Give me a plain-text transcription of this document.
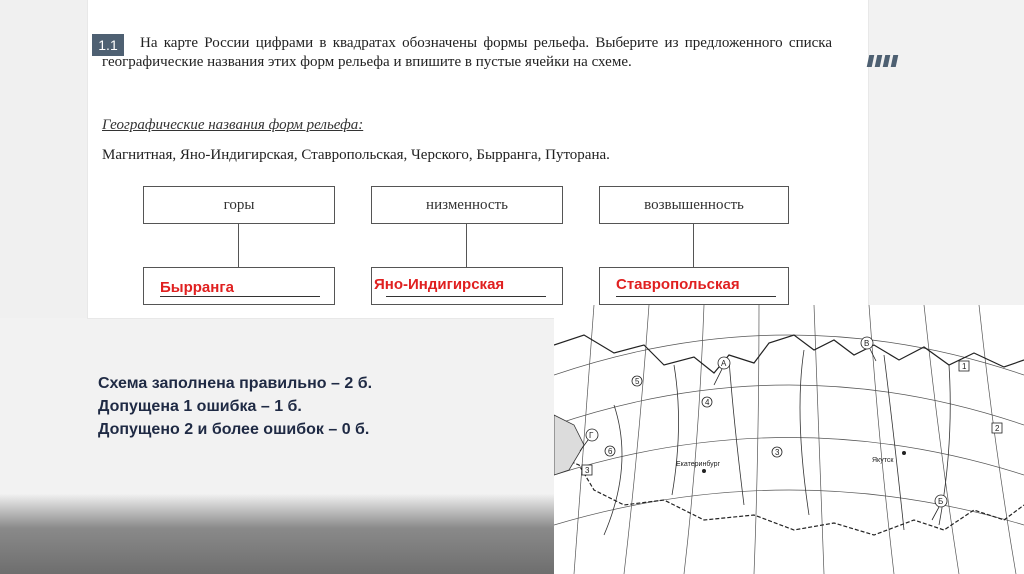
1.1	На карте России цифрами в квадратах обозначены формы рельефа. Выберите из предложенного списка географические названия этих форм рельефа и впишите в пустые ячейки на схеме.
Географические названия форм рельефа:
Магнитная, Яно-Индигирская, Ставропольская, Черского, Бырранга, Путорана.
горы	низменность	возвышенность
Бырранга	Яно-Индигирская	Ставропольская
Схема заполнена правильно – 2 б.
Допущена 1 ошибка – 1 б.
Допущено 2 и более ошибок – 0 б.
А
Б
В
Г
1
2
3
4
5
6	3
Екатеринбург
Якутск
